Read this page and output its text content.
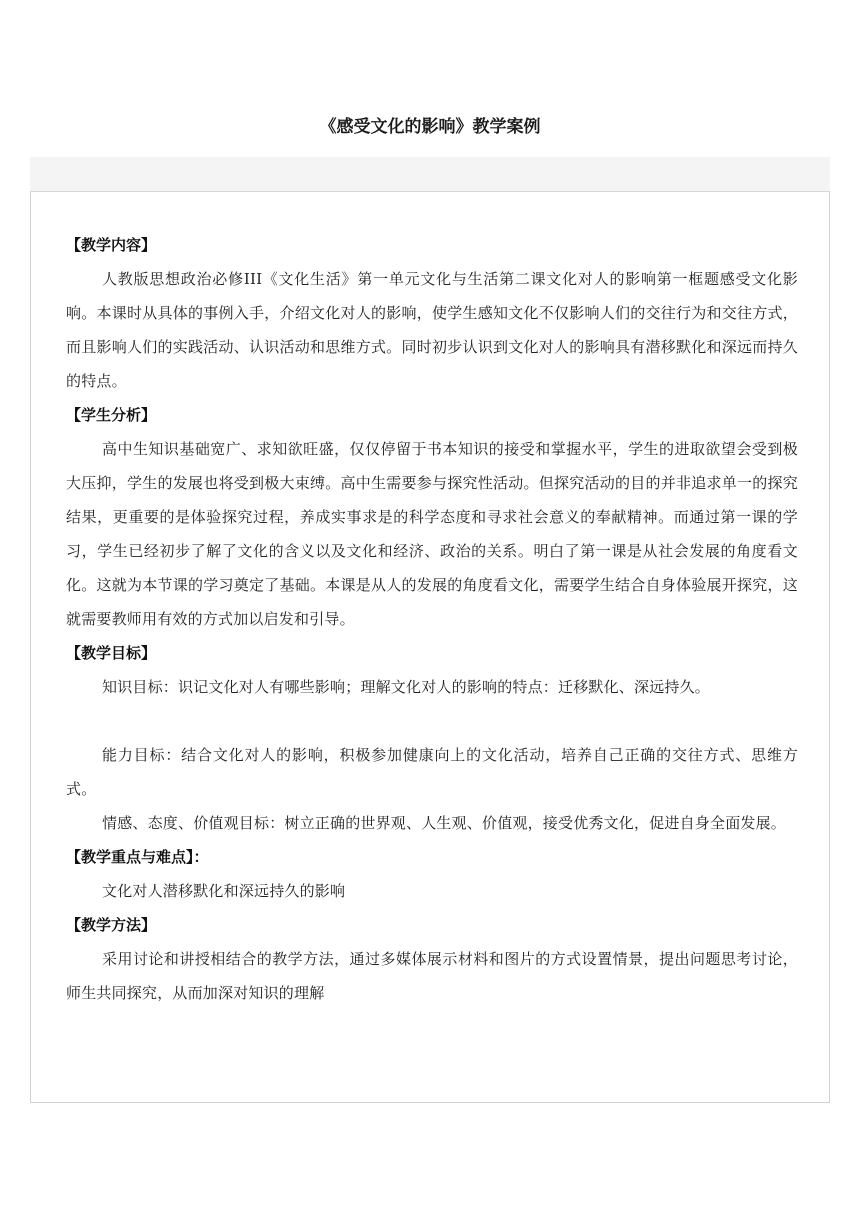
《感受文化的影响》教学案例

【教学内容】

人教版思想政治必修III《文化生活》第一单元文化与生活第二课文化对人的影响第一框题感受文化影响。本课时从具体的事例入手，介绍文化对人的影响，使学生感知文化不仅影响人们的交往行为和交往方式，而且影响人们的实践活动、认识活动和思维方式。同时初步认识到文化对人的影响具有潜移默化和深远而持久的特点。

【学生分析】

高中生知识基础宽广、求知欲旺盛，仅仅停留于书本知识的接受和掌握水平，学生的进取欲望会受到极大压抑，学生的发展也将受到极大束缚。高中生需要参与探究性活动。但探究活动的目的并非追求单一的探究结果，更重要的是体验探究过程，养成实事求是的科学态度和寻求社会意义的奉献精神。而通过第一课的学习，学生已经初步了解了文化的含义以及文化和经济、政治的关系。明白了第一课是从社会发展的角度看文化。这就为本节课的学习奠定了基础。本课是从人的发展的角度看文化，需要学生结合自身体验展开探究，这就需要教师用有效的方式加以启发和引导。

【教学目标】

知识目标：识记文化对人有哪些影响；理解文化对人的影响的特点：迁移默化、深远持久。

能力目标：结合文化对人的影响，积极参加健康向上的文化活动，培养自己正确的交往方式、思维方式。

情感、态度、价值观目标：树立正确的世界观、人生观、价值观，接受优秀文化，促进自身全面发展。

【教学重点与难点】：

文化对人潜移默化和深远持久的影响

【教学方法】

采用讨论和讲授相结合的教学方法，通过多媒体展示材料和图片的方式设置情景，提出问题思考讨论，师生共同探究，从而加深对知识的理解
